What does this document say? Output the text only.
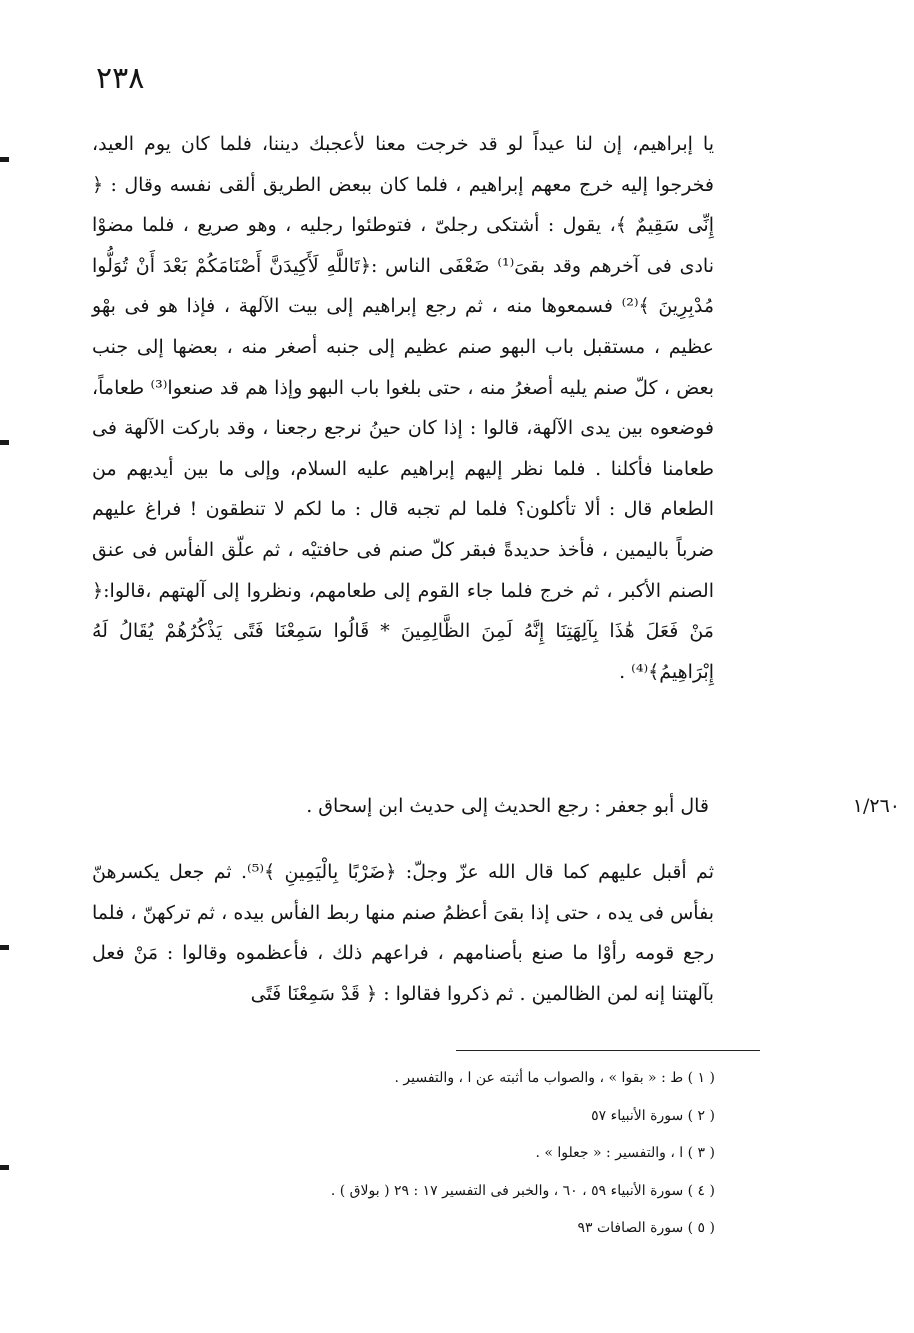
٢٣٨

يا إبراهيم، إن لنا عيداً لو قد خرجت معنا لأعجبك ديننا، فلما كان يوم العيد، فخرجوا إليه خرج معهم إبراهيم ، فلما كان ببعض الطريق ألقى نفسه وقال : ﴿ إِنِّى سَقِيمٌ ﴾، يقول : أشتكى رجلىّ ، فتوطئوا رجليه ، وهو صريع ، فلما مضوْا نادى فى آخرهم وقد بقىَ⁽¹⁾ ضَعْفَى الناس :﴿تَاللَّهِ لَأَكِيدَنَّ أَصْنَامَكُمْ بَعْدَ أَنْ تُوَلُّوا مُدْبِرِينَ ﴾⁽²⁾ فسمعوها منه ، ثم رجع إبراهيم إلى بيت الآلهة ، فإذا هو فى بهْو عظيم ، مستقبل باب البهو صنم عظيم إلى جنبه أصغر منه ، بعضها إلى جنب بعض ، كلّ صنم يليه أصغرُ منه ، حتى بلغوا باب البهو وإذا هم قد صنعوا⁽³⁾ طعاماً، فوضعوه بين يدى الآلهة، قالوا : إذا كان حينُ نرجع رجعنا ، وقد باركت الآلهة فى طعامنا فأكلنا . فلما نظر إليهم إبراهيم عليه السلام، وإلى ما بين أيديهم من الطعام قال : ألا تأكلون؟ فلما لم تجبه قال : ما لكم لا تنطقون ! فراغ عليهم ضرباً باليمين ، فأخذ حديدةً فبقر كلّ صنم فى حافتيْه ، ثم علّق الفأس فى عنق الصنم الأكبر ، ثم خرج فلما جاء القوم إلى طعامهم، ونظروا إلى آلهتهم ،قالوا:﴿ مَنْ فَعَلَ هَٰذَا بِآلِهَتِنَا إِنَّهُ لَمِنَ الظَّالِمِينَ * قَالُوا سَمِعْنَا فَتًى يَذْكُرُهُمْ يُقَالُ لَهُ إِبْرَاهِيمُ﴾⁽⁴⁾ .

١/٢٦٠

قال أبو جعفر : رجع الحديث إلى حديث ابن إسحاق .

ثم أقبل عليهم كما قال الله عزّ وجلّ: ﴿ضَرْبًا بِالْيَمِينِ ﴾⁽⁵⁾. ثم جعل يكسرهنّ بفأس فى يده ، حتى إذا بقىَ أعظمُ صنم منها ربط الفأس بيده ، ثم تركهنّ ، فلما رجع قومه رأوْا ما صنع بأصنامهم ، فراعهم ذلك ، فأعظموه وقالوا : مَنْ فعل بآلهتنا إنه لمن الظالمين . ثم ذكروا فقالوا : ﴿ قَدْ سَمِعْنَا فَتًى

( ١ ) ط : « بقوا » ، والصواب ما أثبته عن ا ، والتفسير .
( ٢ ) سورة الأنبياء ٥٧
( ٣ ) ا ، والتفسير : « جعلوا » .
( ٤ ) سورة الأنبياء ٥٩ ، ٦٠ ، والخبر فى التفسير ١٧ : ٢٩ ( بولاق ) .
( ٥ ) سورة الصافات ٩٣
